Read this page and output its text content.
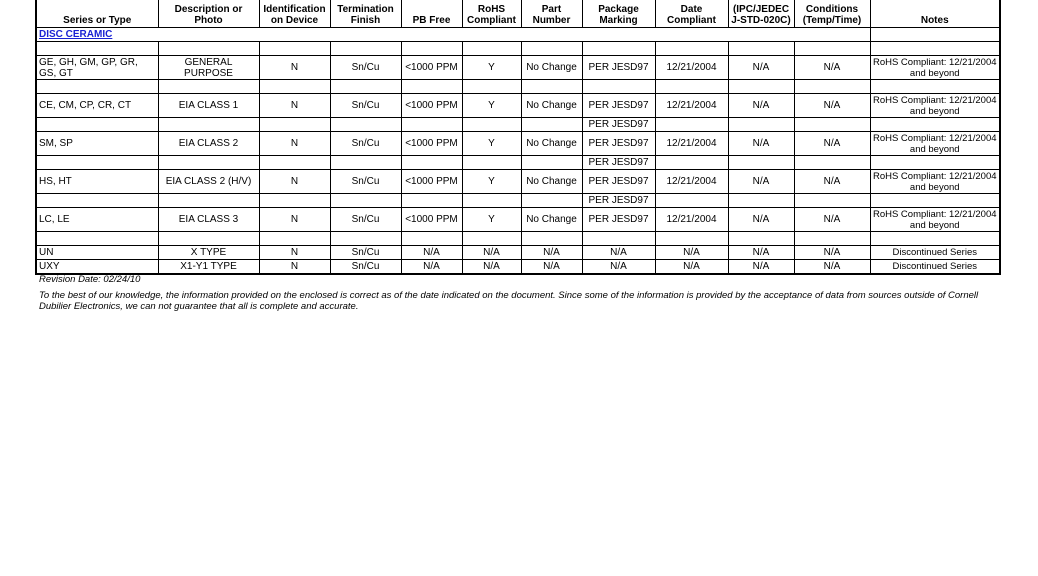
Series or Type	Description or Photo	Identification on Device	Termination Finish	PB Free	RoHS Compliant	Part Number	Package Marking	Date Compliant	(IPC/JEDEC J-STD-020C)	Conditions (Temp/Time)	Notes
DISC CERAMIC											

GE, GH, GM, GP, GR, GS, GT	GENERAL PURPOSE	N	Sn/Cu	<1000 PPM	Y	No Change	PER JESD97	12/21/2004	N/A	N/A	RoHS Compliant: 12/21/2004 and beyond

CE, CM, CP, CR, CT	EIA CLASS 1	N	Sn/Cu	<1000 PPM	Y	No Change	PER JESD97	12/21/2004	N/A	N/A	RoHS Compliant: 12/21/2004 and beyond
							PER JESD97				
SM, SP	EIA CLASS 2	N	Sn/Cu	<1000 PPM	Y	No Change	PER JESD97	12/21/2004	N/A	N/A	RoHS Compliant: 12/21/2004 and beyond
							PER JESD97				
HS, HT	EIA CLASS 2 (H/V)	N	Sn/Cu	<1000 PPM	Y	No Change	PER JESD97	12/21/2004	N/A	N/A	RoHS Compliant: 12/21/2004 and beyond
							PER JESD97				
LC, LE	EIA CLASS 3	N	Sn/Cu	<1000 PPM	Y	No Change	PER JESD97	12/21/2004	N/A	N/A	RoHS Compliant: 12/21/2004 and beyond

UN	X TYPE	N	Sn/Cu	N/A	N/A	N/A	N/A	N/A	N/A	N/A	Discontinued Series
UXY	X1-Y1 TYPE	N	Sn/Cu	N/A	N/A	N/A	N/A	N/A	N/A	N/A	Discontinued Series
Revision Date: 02/24/10
To the best of our knowledge, the information provided on the enclosed is correct as of the date indicated on the document. Since some of the information is provided by the acceptance of data from sources outside of Cornell Dubilier Electronics, we can not guarantee that all is complete and accurate.
